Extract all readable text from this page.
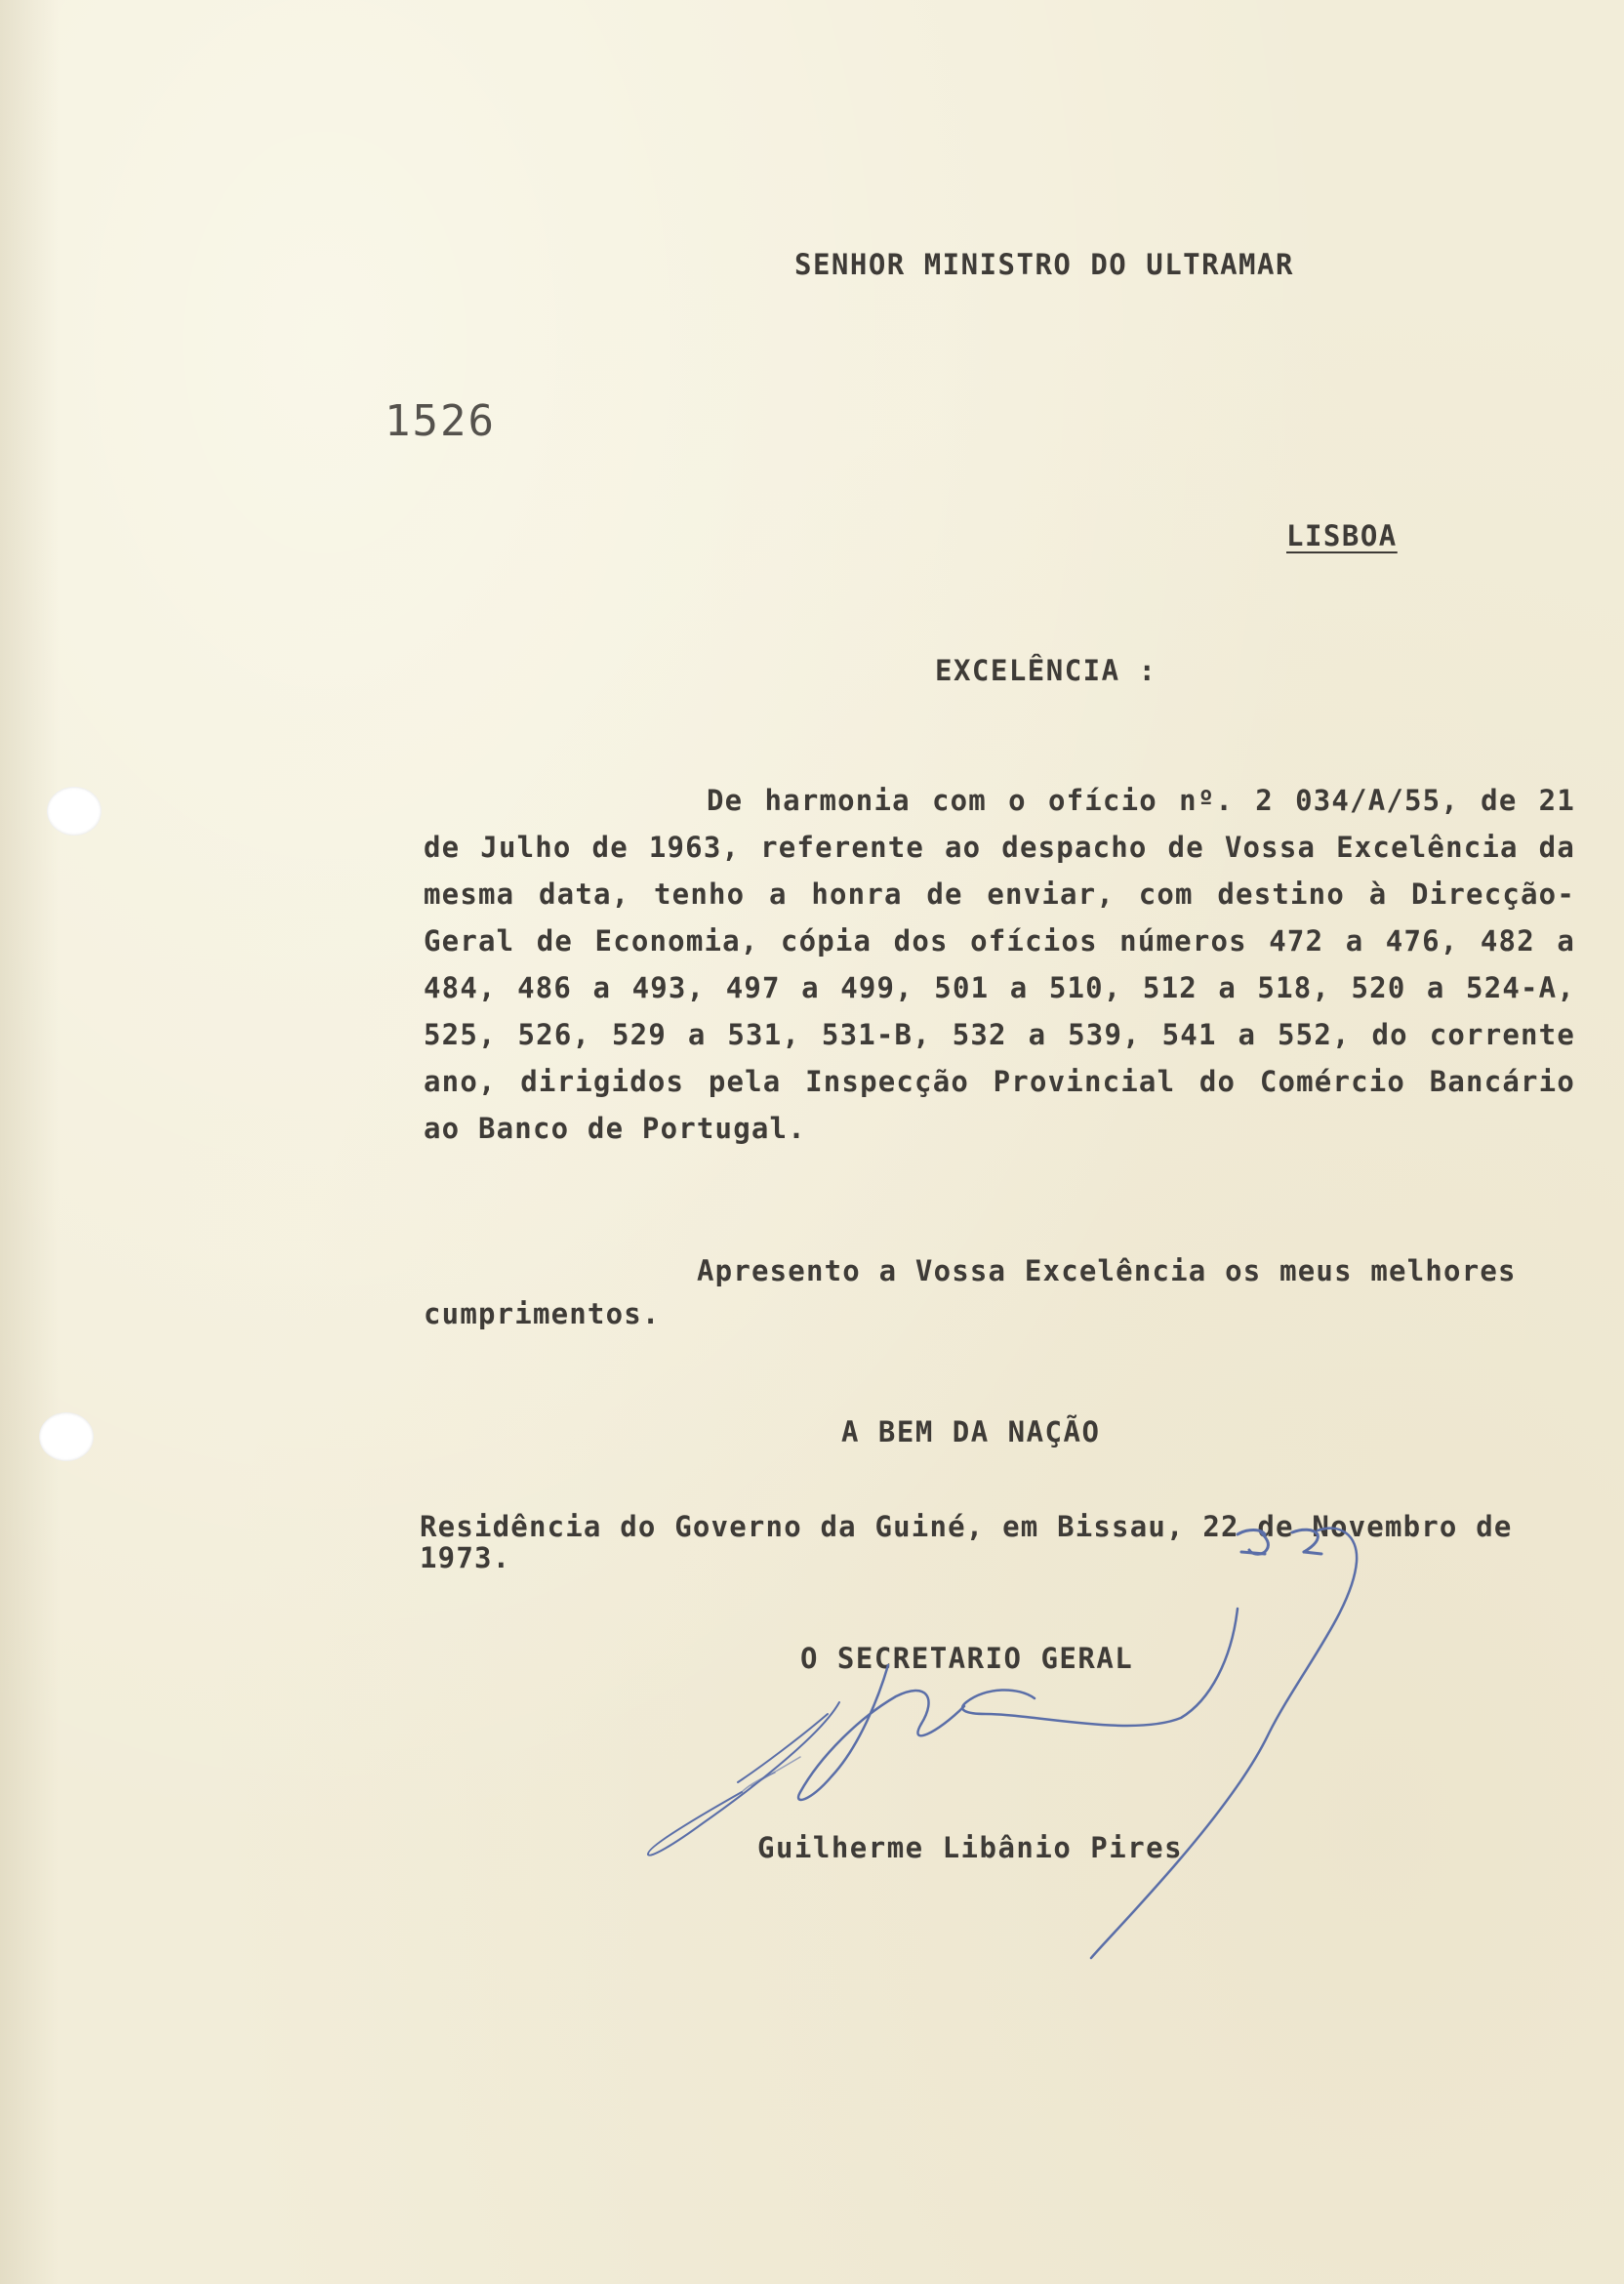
SENHOR MINISTRO DO ULTRAMAR
1526
LISBOA
EXCELÊNCIA :
De harmonia com o ofício nº. 2 034/A/55, de 21 de Julho de 1963, referente ao despacho de Vossa Excelência da mesma data, tenho a honra de enviar, com destino à Direcção-Geral de Economia, cópia dos ofícios números 472 a 476, 482 a 484, 486 a 493, 497 a 499, 501 a 510, 512 a 518, 520 a 524-A, 525, 526, 529 a 531, 531-B, 532 a 539, 541 a 552, do corrente ano, dirigidos pela Inspecção Provincial do Comércio Bancário ao Banco de Portugal.
Apresento a Vossa Excelência os meus melhores cumprimentos.
A BEM DA NAÇÃO
Residência do Governo da Guiné, em Bissau, 22 de Novembro de 1973.
O SECRETARIO GERAL
Guilherme Libânio Pires
